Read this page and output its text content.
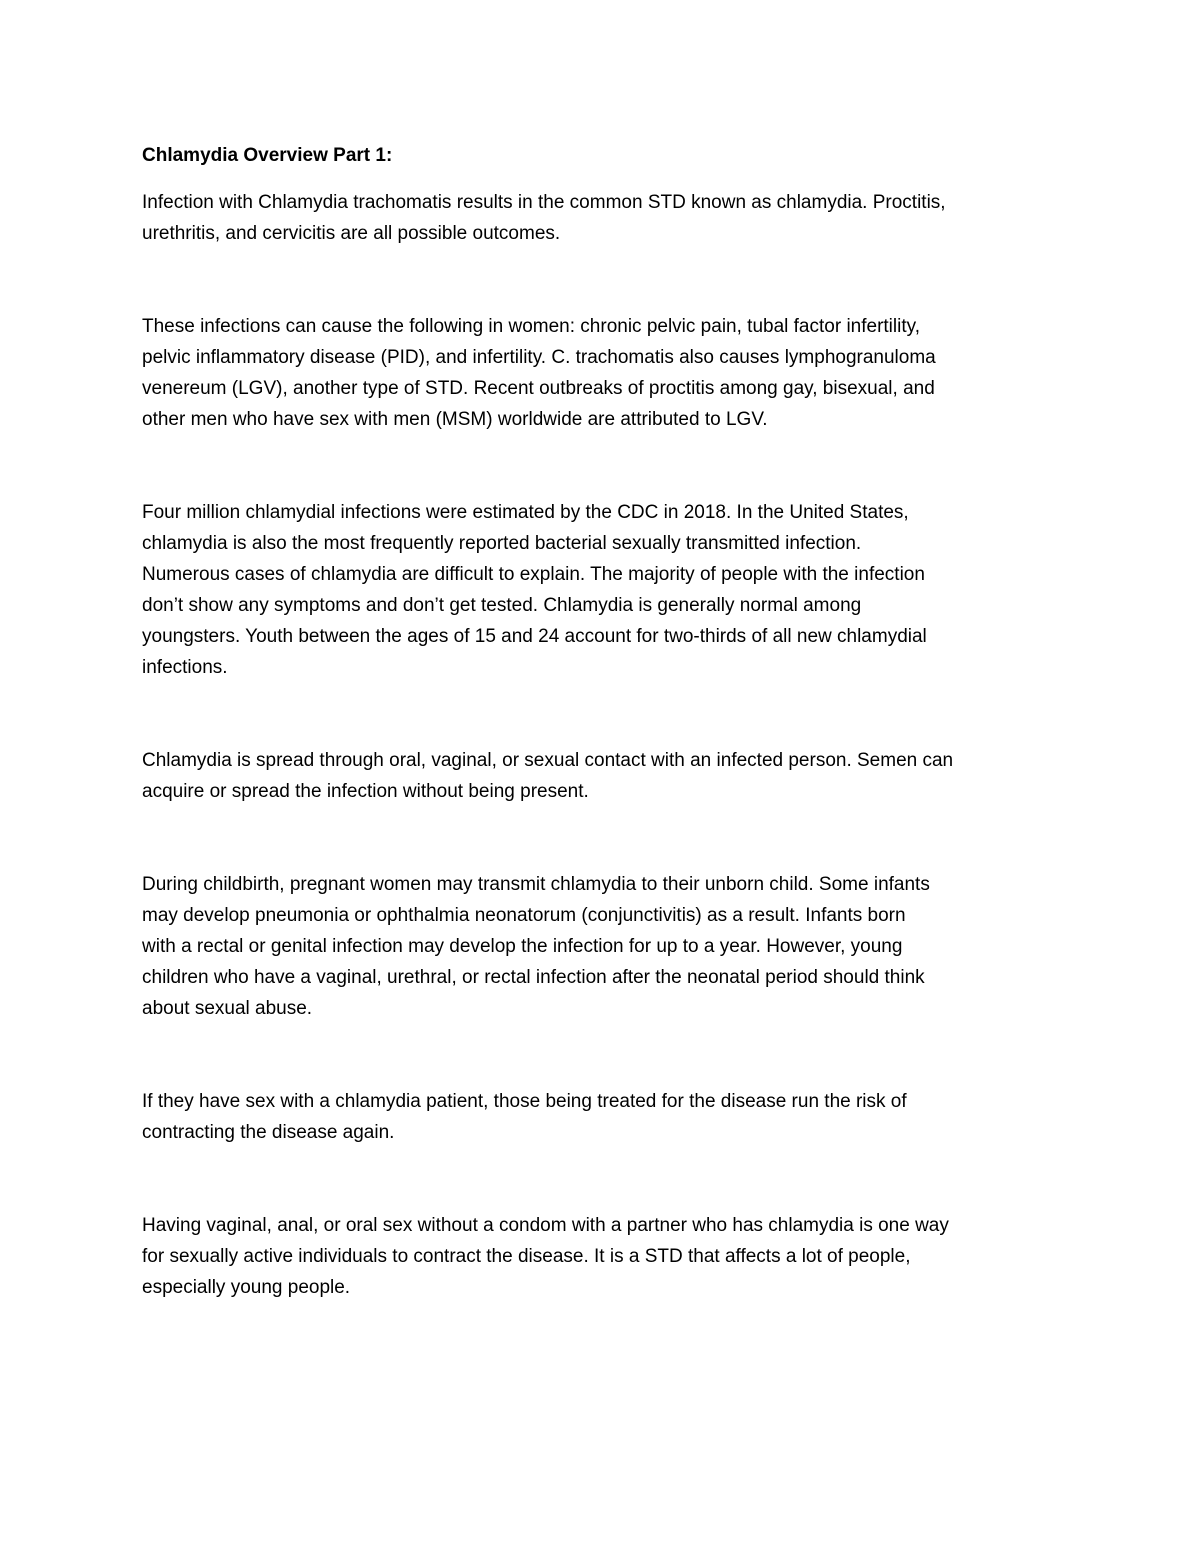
Chlamydia Overview Part 1:

Infection with Chlamydia trachomatis results in the common STD known as chlamydia. Proctitis,
urethritis, and cervicitis are all possible outcomes.

These infections can cause the following in women: chronic pelvic pain, tubal factor infertility,
pelvic inflammatory disease (PID), and infertility. C. trachomatis also causes lymphogranuloma
venereum (LGV), another type of STD. Recent outbreaks of proctitis among gay, bisexual, and
other men who have sex with men (MSM) worldwide are attributed to LGV.

Four million chlamydial infections were estimated by the CDC in 2018. In the United States,
chlamydia is also the most frequently reported bacterial sexually transmitted infection.
Numerous cases of chlamydia are difficult to explain. The majority of people with the infection
don’t show any symptoms and don’t get tested. Chlamydia is generally normal among
youngsters. Youth between the ages of 15 and 24 account for two-thirds of all new chlamydial
infections.

Chlamydia is spread through oral, vaginal, or sexual contact with an infected person. Semen can
acquire or spread the infection without being present.

During childbirth, pregnant women may transmit chlamydia to their unborn child. Some infants
may develop pneumonia or ophthalmia neonatorum (conjunctivitis) as a result. Infants born
with a rectal or genital infection may develop the infection for up to a year. However, young
children who have a vaginal, urethral, or rectal infection after the neonatal period should think
about sexual abuse.

If they have sex with a chlamydia patient, those being treated for the disease run the risk of
contracting the disease again.

Having vaginal, anal, or oral sex without a condom with a partner who has chlamydia is one way
for sexually active individuals to contract the disease. It is a STD that affects a lot of people,
especially young people.
